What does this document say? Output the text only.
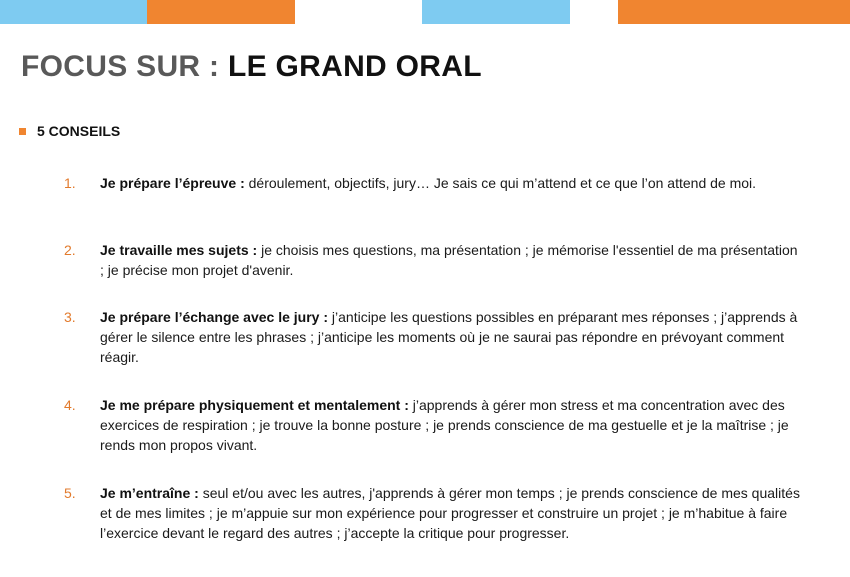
FOCUS SUR : LE GRAND ORAL
5 CONSEILS
1.	Je prépare l’épreuve : déroulement, objectifs, jury… Je sais ce qui m’attend et ce que l’on attend de moi.
2.	Je travaille mes sujets : je choisis mes questions, ma présentation ; je mémorise l'essentiel de ma présentation ; je précise mon projet d'avenir.
3.	Je prépare l’échange avec le jury : j’anticipe les questions possibles en préparant mes réponses ; j’apprends à gérer le silence entre les phrases ; j’anticipe les moments où je ne saurai pas répondre en prévoyant comment réagir.
4.	Je me prépare physiquement et mentalement : j’apprends à gérer mon stress et ma concentration avec des exercices de respiration ; je trouve la bonne posture ; je prends conscience de ma gestuelle et je la maîtrise ; je rends mon propos vivant.
5.	Je m’entraîne : seul et/ou avec les autres, j'apprends à gérer mon temps ; je prends conscience de mes qualités et de mes limites ; je m’appuie sur mon expérience pour progresser et construire un projet ; je m’habitue à faire l’exercice devant le regard des autres ; j’accepte la critique pour progresser.
